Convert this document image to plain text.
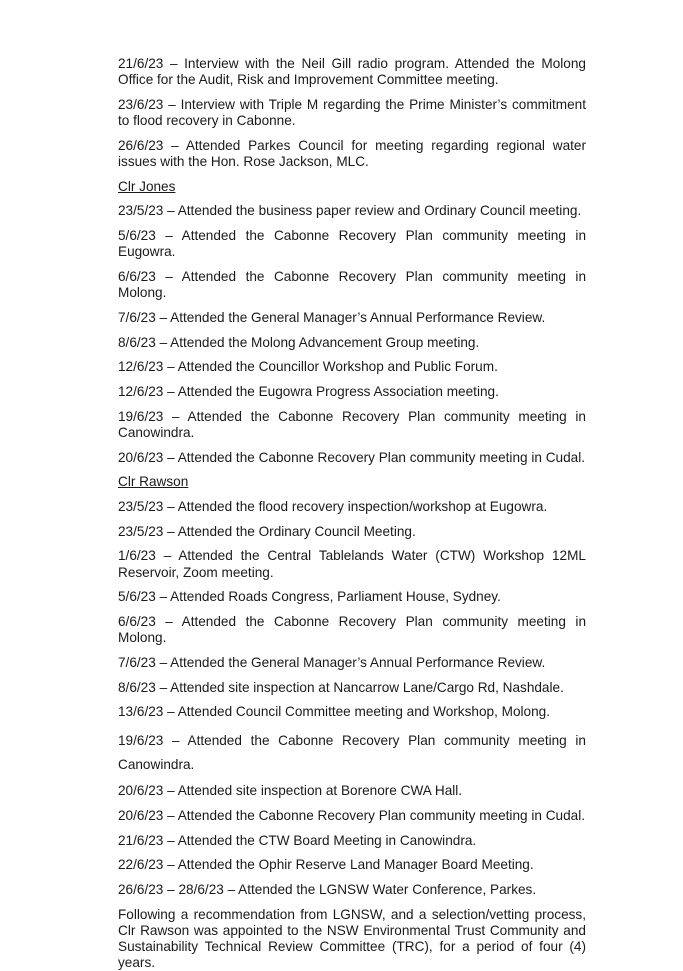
21/6/23 – Interview with the Neil Gill radio program. Attended the Molong Office for the Audit, Risk and Improvement Committee meeting.

23/6/23 – Interview with Triple M regarding the Prime Minister’s commitment to flood recovery in Cabonne.

26/6/23 – Attended Parkes Council for meeting regarding regional water issues with the Hon. Rose Jackson, MLC.

Clr Jones

23/5/23 – Attended the business paper review and Ordinary Council meeting.

5/6/23 – Attended the Cabonne Recovery Plan community meeting in Eugowra.

6/6/23 – Attended the Cabonne Recovery Plan community meeting in Molong.

7/6/23 – Attended the General Manager’s Annual Performance Review.

8/6/23 – Attended the Molong Advancement Group meeting.

12/6/23 – Attended the Councillor Workshop and Public Forum.

12/6/23 – Attended the Eugowra Progress Association meeting.

19/6/23 – Attended the Cabonne Recovery Plan community meeting in Canowindra.

20/6/23 – Attended the Cabonne Recovery Plan community meeting in Cudal.

Clr Rawson

23/5/23 – Attended the flood recovery inspection/workshop at Eugowra.

23/5/23 – Attended the Ordinary Council Meeting.

1/6/23 – Attended the Central Tablelands Water (CTW) Workshop 12ML Reservoir, Zoom meeting.

5/6/23 – Attended Roads Congress, Parliament House, Sydney.

6/6/23 – Attended the Cabonne Recovery Plan community meeting in Molong.

7/6/23 – Attended the General Manager’s Annual Performance Review.

8/6/23 – Attended site inspection at Nancarrow Lane/Cargo Rd, Nashdale.

13/6/23 – Attended Council Committee meeting and Workshop, Molong.

19/6/23 – Attended the Cabonne Recovery Plan community meeting in Canowindra.

20/6/23 – Attended site inspection at Borenore CWA Hall.

20/6/23 – Attended the Cabonne Recovery Plan community meeting in Cudal.

21/6/23 – Attended the CTW Board Meeting in Canowindra.

22/6/23 – Attended the Ophir Reserve Land Manager Board Meeting.

26/6/23 – 28/6/23 – Attended the LGNSW Water Conference, Parkes.

Following a recommendation from LGNSW, and a selection/vetting process, Clr Rawson was appointed to the NSW Environmental Trust Community and Sustainability Technical Review Committee (TRC), for a period of four (4) years.
